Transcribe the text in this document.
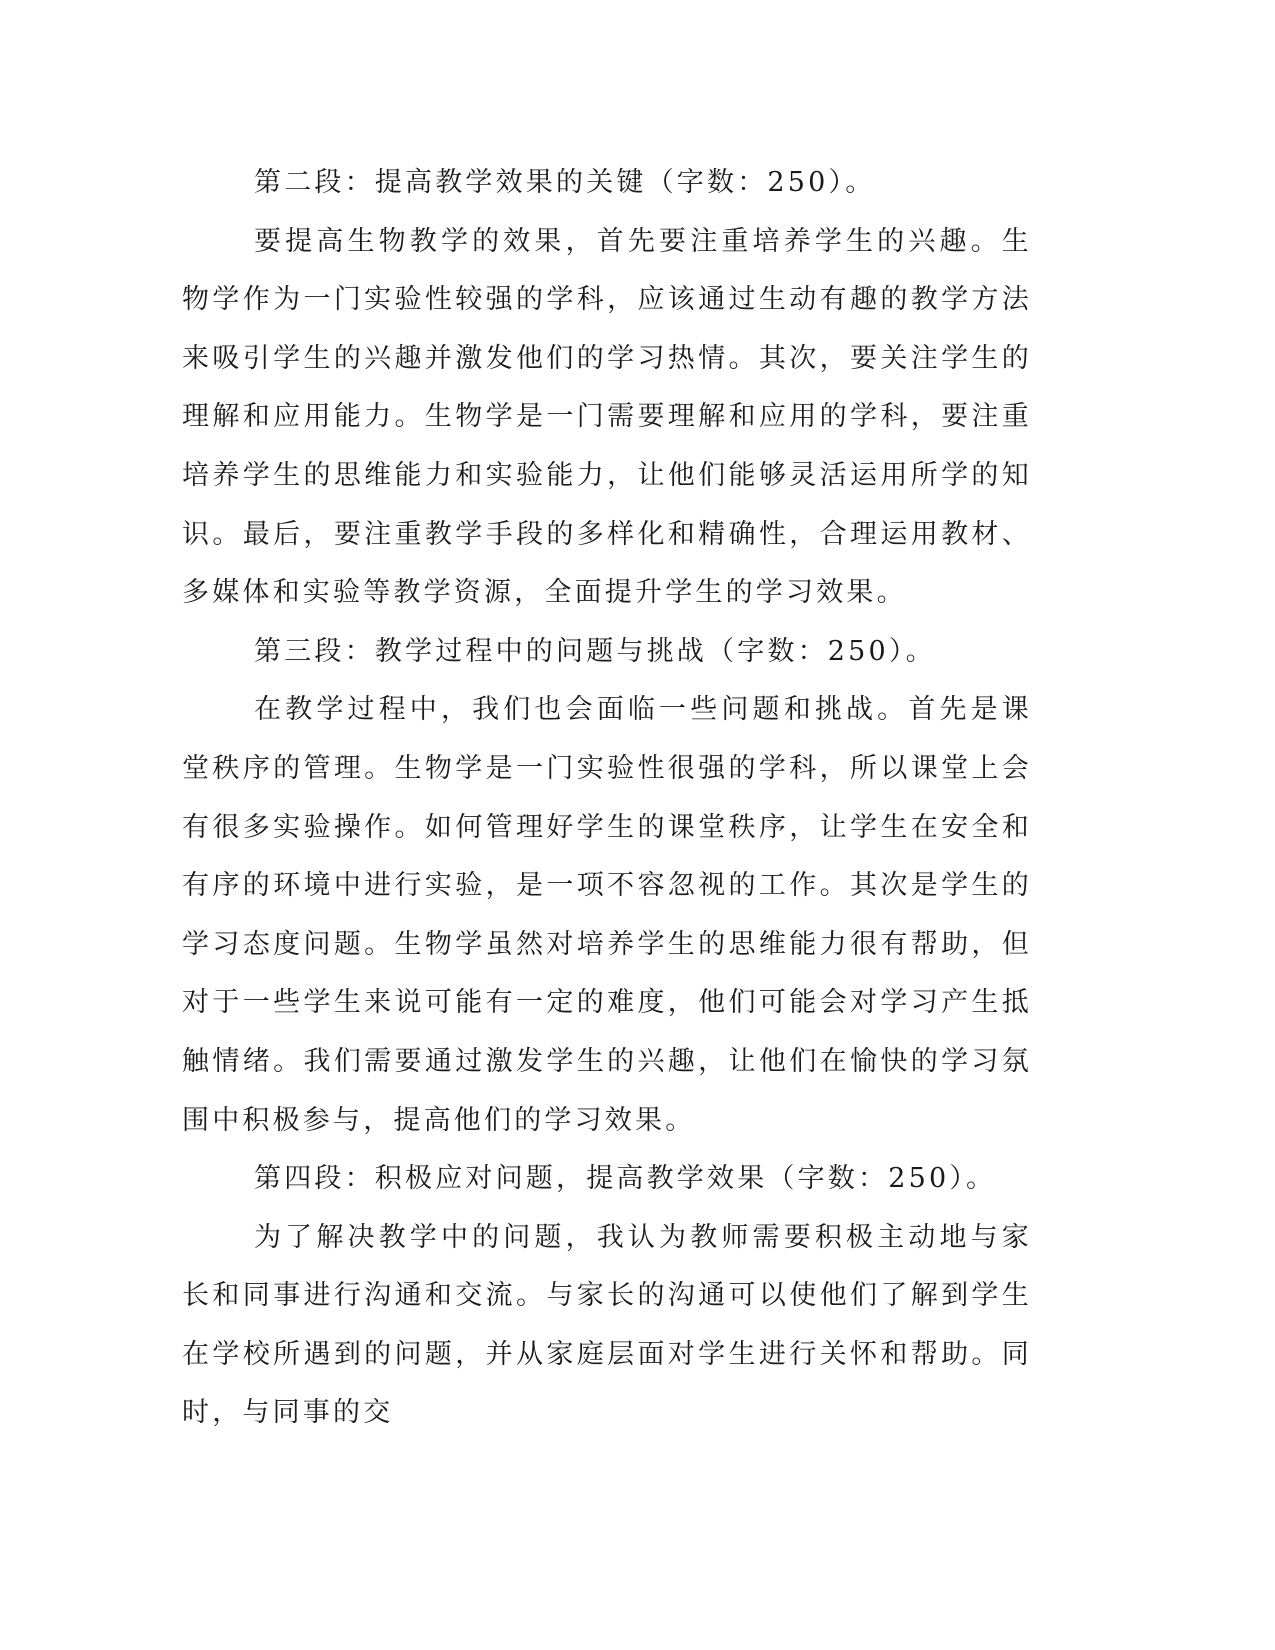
第二段：提高教学效果的关键（字数：250）。

要提高生物教学的效果，首先要注重培养学生的兴趣。生物学作为一门实验性较强的学科，应该通过生动有趣的教学方法来吸引学生的兴趣并激发他们的学习热情。其次，要关注学生的理解和应用能力。生物学是一门需要理解和应用的学科，要注重培养学生的思维能力和实验能力，让他们能够灵活运用所学的知识。最后，要注重教学手段的多样化和精确性，合理运用教材、多媒体和实验等教学资源，全面提升学生的学习效果。

第三段：教学过程中的问题与挑战（字数：250）。

在教学过程中，我们也会面临一些问题和挑战。首先是课堂秩序的管理。生物学是一门实验性很强的学科，所以课堂上会有很多实验操作。如何管理好学生的课堂秩序，让学生在安全和有序的环境中进行实验，是一项不容忽视的工作。其次是学生的学习态度问题。生物学虽然对培养学生的思维能力很有帮助，但对于一些学生来说可能有一定的难度，他们可能会对学习产生抵触情绪。我们需要通过激发学生的兴趣，让他们在愉快的学习氛围中积极参与，提高他们的学习效果。

第四段：积极应对问题，提高教学效果（字数：250）。

为了解决教学中的问题，我认为教师需要积极主动地与家长和同事进行沟通和交流。与家长的沟通可以使他们了解到学生在学校所遇到的问题，并从家庭层面对学生进行关怀和帮助。同时，与同事的交
